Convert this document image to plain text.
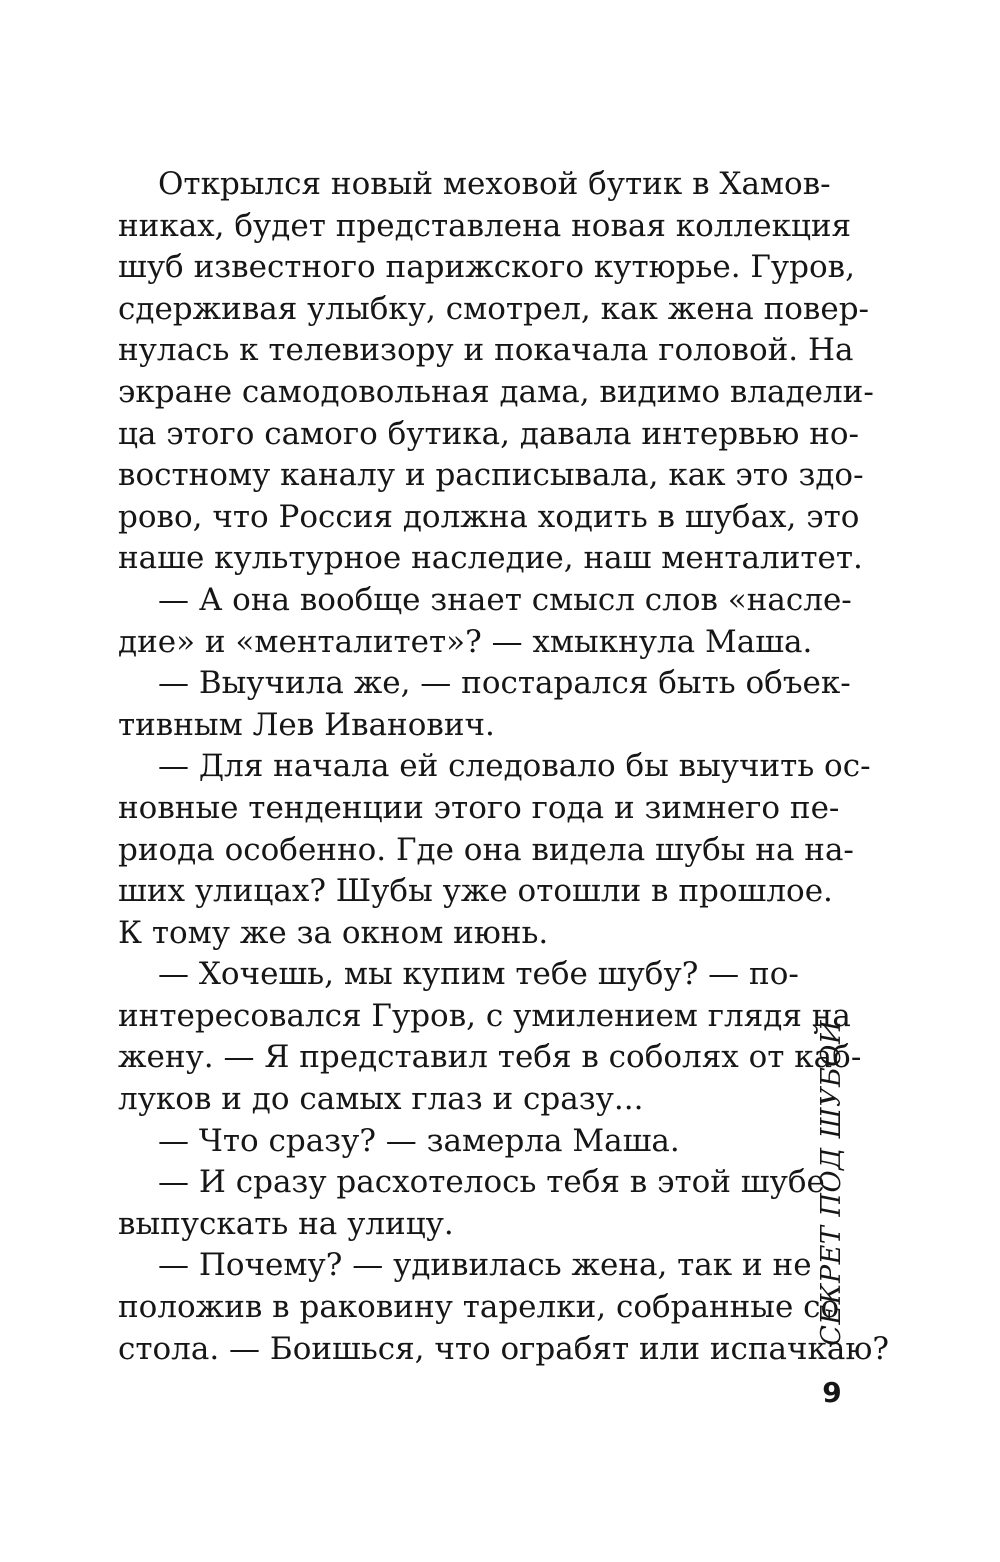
Открылся новый меховой бутик в Хамов-
никах, будет представлена новая коллекция
шуб известного парижского кутюрье. Гуров,
сдерживая улыбку, смотрел, как жена повер-
нулась к телевизору и покачала головой. На
экране самодовольная дама, видимо владели-
ца этого самого бутика, давала интервью но-
востному каналу и расписывала, как это здо-
рово, что Россия должна ходить в шубах, это
наше культурное наследие, наш менталитет.
— А она вообще знает смысл слов «насле-
дие» и «менталитет»? — хмыкнула Маша.
— Выучила же, — постарался быть объек-
тивным Лев Иванович.
— Для начала ей следовало бы выучить ос-
новные тенденции этого года и зимнего пе-
риода особенно. Где она видела шубы на на-
ших улицах? Шубы уже отошли в прошлое.
К тому же за окном июнь.
— Хочешь, мы купим тебе шубу? — по-
интересовался Гуров, с умилением глядя на
жену. — Я представил тебя в соболях от каб-
луков и до самых глаз и сразу...
— Что сразу? — замерла Маша.
— И сразу расхотелось тебя в этой шубе
выпускать на улицу.
— Почему? — удивилась жена, так и не
положив в раковину тарелки, собранные со
стола. — Боишься, что ограбят или испачкаю?
СЕКРЕТ ПОД ШУБОЙ
9
